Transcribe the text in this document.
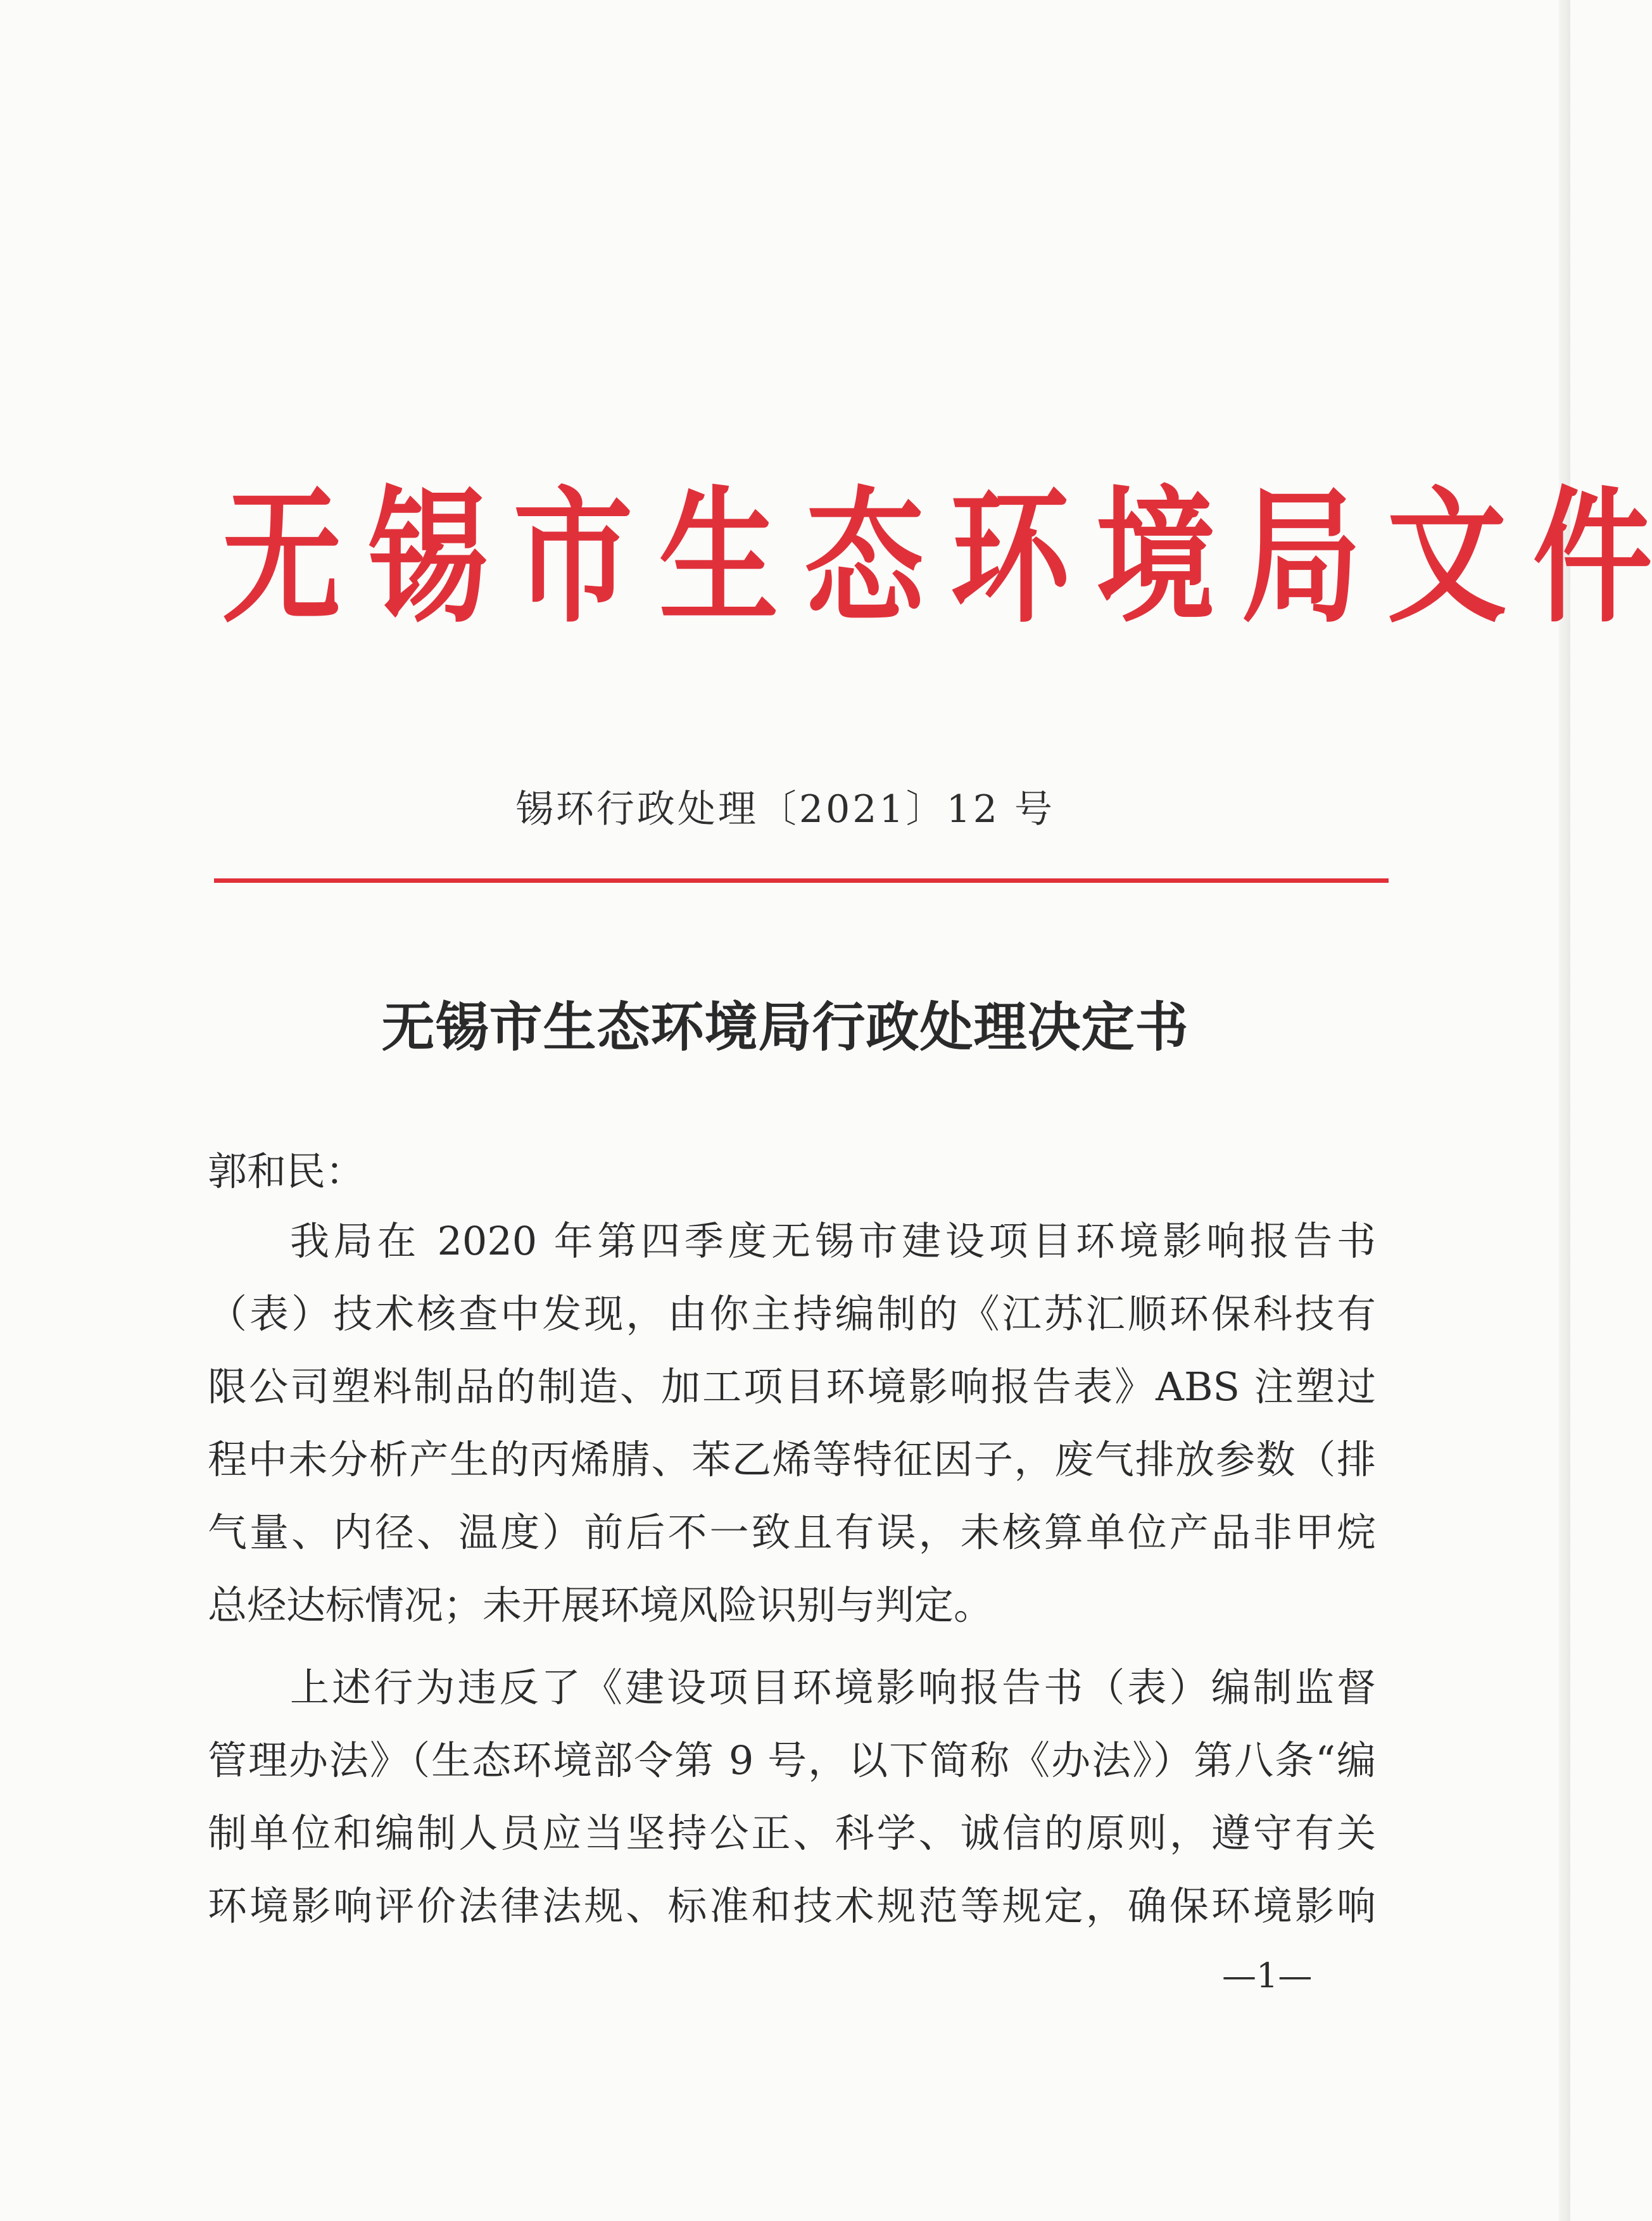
无 锡 市 生 态 环 境 局 文 件
锡环行政处理〔2021〕12 号
无锡市生态环境局行政处理决定书
郭和民：
我局在 2020 年第四季度无锡市建设项目环境影响报告书
（表）技术核查中发现，由你主持编制的《江苏汇顺环保科技有
限公司塑料制品的制造、加工项目环境影响报告表》ABS 注塑过
程中未分析产生的丙烯腈、苯乙烯等特征因子，废气排放参数（排
气量、内径、温度）前后不一致且有误，未核算单位产品非甲烷
总烃达标情况；未开展环境风险识别与判定。
上述行为违反了《建设项目环境影响报告书（表）编制监督
管理办法》（生态环境部令第 9 号，以下简称《办法》）第八条“编
制单位和编制人员应当坚持公正、科学、诚信的原则，遵守有关
环境影响评价法律法规、标准和技术规范等规定，确保环境影响
—1—
